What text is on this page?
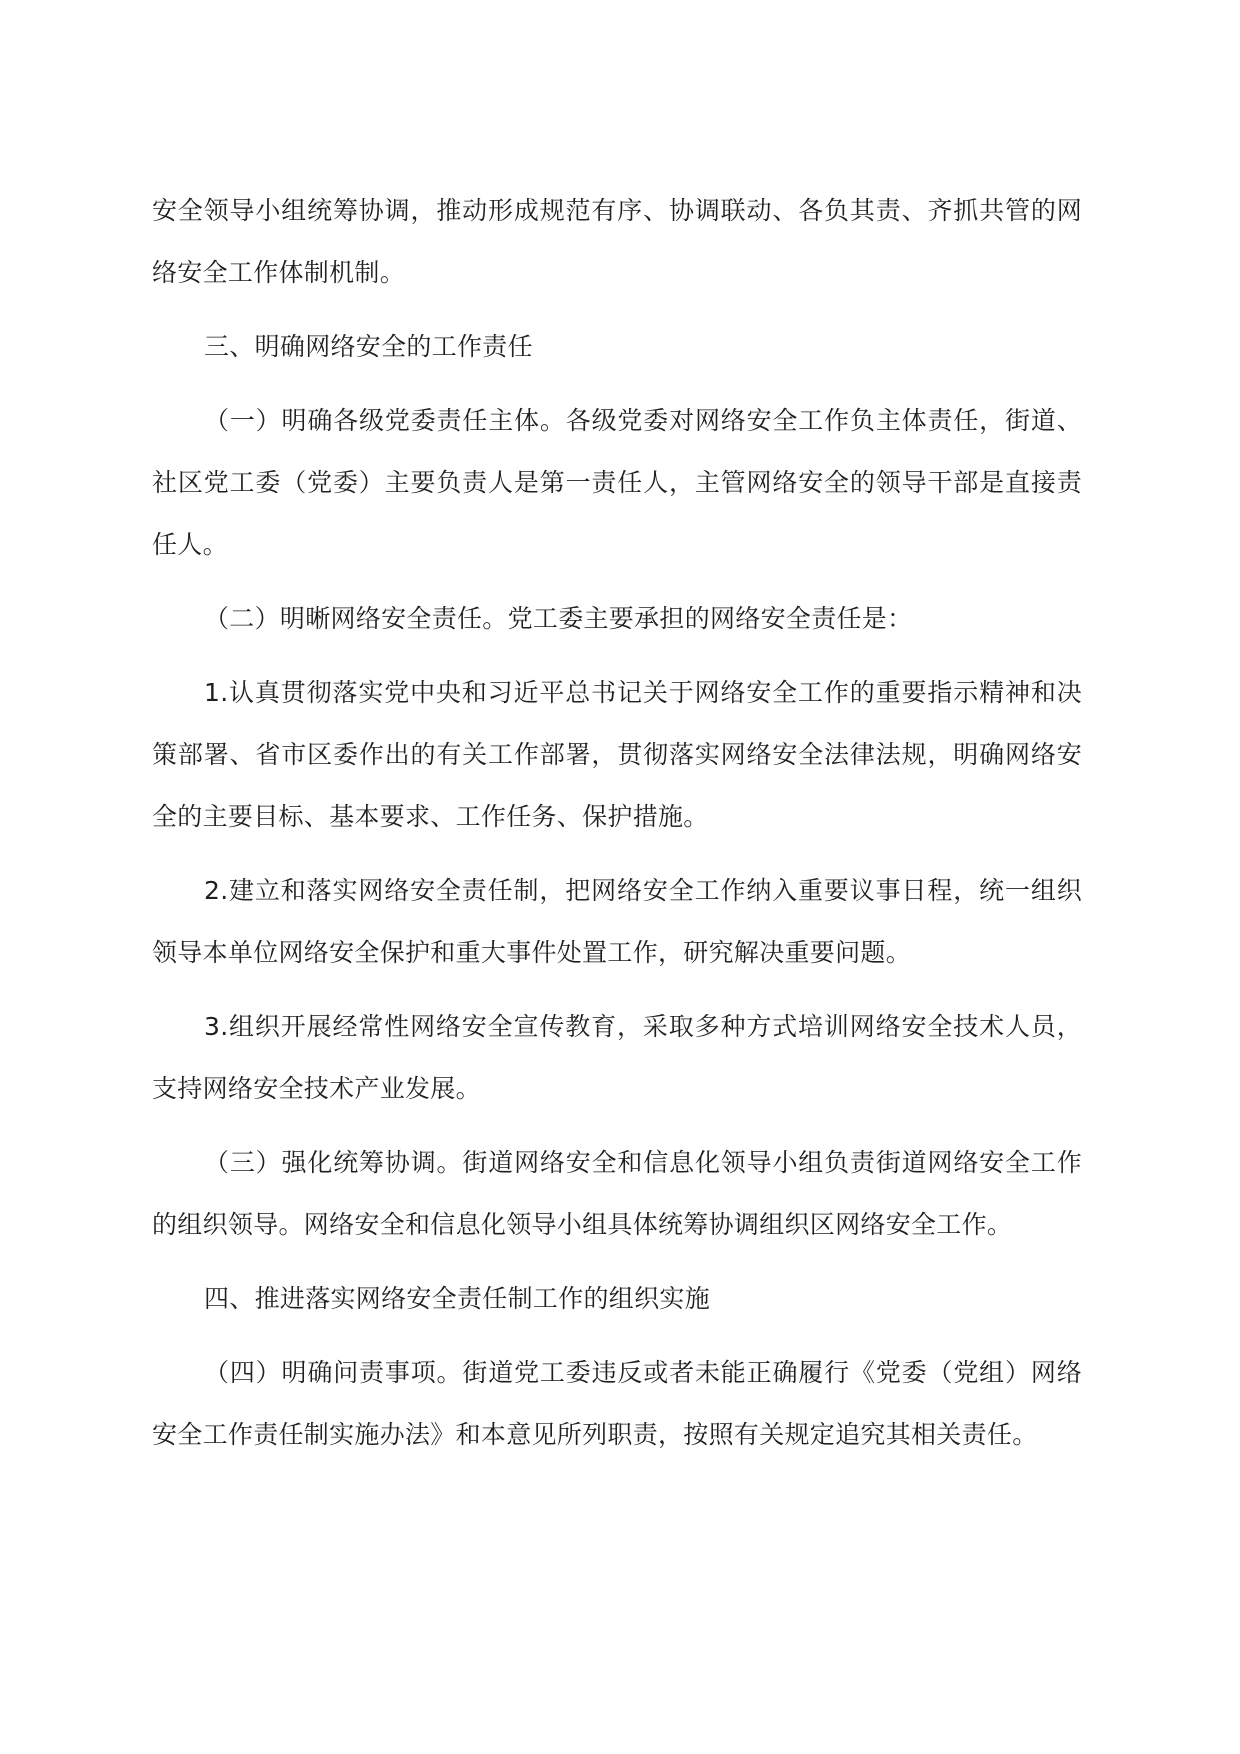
安全领导小组统筹协调，推动形成规范有序、协调联动、各负其责、齐抓共管的网络安全工作体制机制。

三、明确网络安全的工作责任

（一）明确各级党委责任主体。各级党委对网络安全工作负主体责任，街道、社区党工委（党委）主要负责人是第一责任人，主管网络安全的领导干部是直接责任人。

（二）明晰网络安全责任。党工委主要承担的网络安全责任是：

1.认真贯彻落实党中央和习近平总书记关于网络安全工作的重要指示精神和决策部署、省市区委作出的有关工作部署，贯彻落实网络安全法律法规，明确网络安全的主要目标、基本要求、工作任务、保护措施。

2.建立和落实网络安全责任制，把网络安全工作纳入重要议事日程，统一组织领导本单位网络安全保护和重大事件处置工作，研究解决重要问题。

3.组织开展经常性网络安全宣传教育，采取多种方式培训网络安全技术人员，支持网络安全技术产业发展。

（三）强化统筹协调。街道网络安全和信息化领导小组负责街道网络安全工作的组织领导。网络安全和信息化领导小组具体统筹协调组织区网络安全工作。

四、推进落实网络安全责任制工作的组织实施

（四）明确问责事项。街道党工委违反或者未能正确履行《党委（党组）网络安全工作责任制实施办法》和本意见所列职责，按照有关规定追究其相关责任。
